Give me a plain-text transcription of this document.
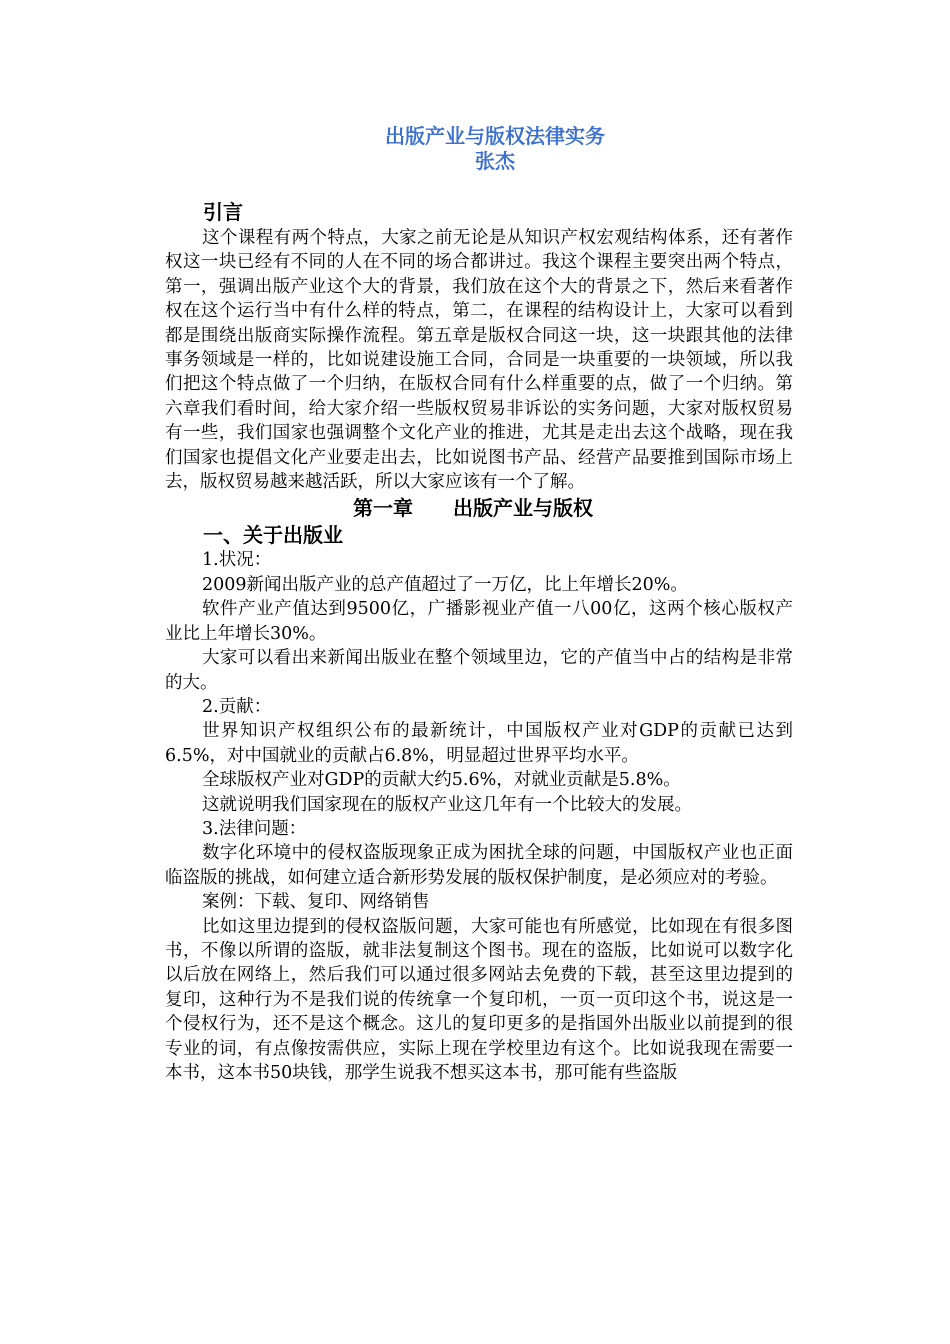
出版产业与版权法律实务
张杰
引言

这个课程有两个特点，大家之前无论是从知识产权宏观结构体系，还有著作权这一块已经有不同的人在不同的场合都讲过。我这个课程主要突出两个特点，第一，强调出版产业这个大的背景，我们放在这个大的背景之下，然后来看著作权在这个运行当中有什么样的特点，第二，在课程的结构设计上，大家可以看到都是围绕出版商实际操作流程。第五章是版权合同这一块，这一块跟其他的法律事务领域是一样的，比如说建设施工合同，合同是一块重要的一块领域，所以我们把这个特点做了一个归纳，在版权合同有什么样重要的点，做了一个归纳。第六章我们看时间，给大家介绍一些版权贸易非诉讼的实务问题，大家对版权贸易有一些，我们国家也强调整个文化产业的推进，尤其是走出去这个战略，现在我们国家也提倡文化产业要走出去，比如说图书产品、经营产品要推到国际市场上去，版权贸易越来越活跃，所以大家应该有一个了解。

第一章　　出版产业与版权
一、关于出版业

1.状况：

2009新闻出版产业的总产值超过了一万亿，比上年增长20%。

软件产业产值达到9500亿，广播影视业产值一八00亿，这两个核心版权产业比上年增长30%。

大家可以看出来新闻出版业在整个领域里边，它的产值当中占的结构是非常的大。

2.贡献：

世界知识产权组织公布的最新统计，中国版权产业对GDP的贡献已达到6.5%，对中国就业的贡献占6.8%，明显超过世界平均水平。

全球版权产业对GDP的贡献大约5.6%，对就业贡献是5.8%。

这就说明我们国家现在的版权产业这几年有一个比较大的发展。

3.法律问题：

数字化环境中的侵权盗版现象正成为困扰全球的问题，中国版权产业也正面临盗版的挑战，如何建立适合新形势发展的版权保护制度，是必须应对的考验。

案例：下载、复印、网络销售

比如这里边提到的侵权盗版问题，大家可能也有所感觉，比如现在有很多图书，不像以所谓的盗版，就非法复制这个图书。现在的盗版，比如说可以数字化以后放在网络上，然后我们可以通过很多网站去免费的下载，甚至这里边提到的复印，这种行为不是我们说的传统拿一个复印机，一页一页印这个书，说这是一个侵权行为，还不是这个概念。这儿的复印更多的是指国外出版业以前提到的很专业的词，有点像按需供应，实际上现在学校里边有这个。比如说我现在需要一本书，这本书50块钱，那学生说我不想买这本书，那可能有些盗版
